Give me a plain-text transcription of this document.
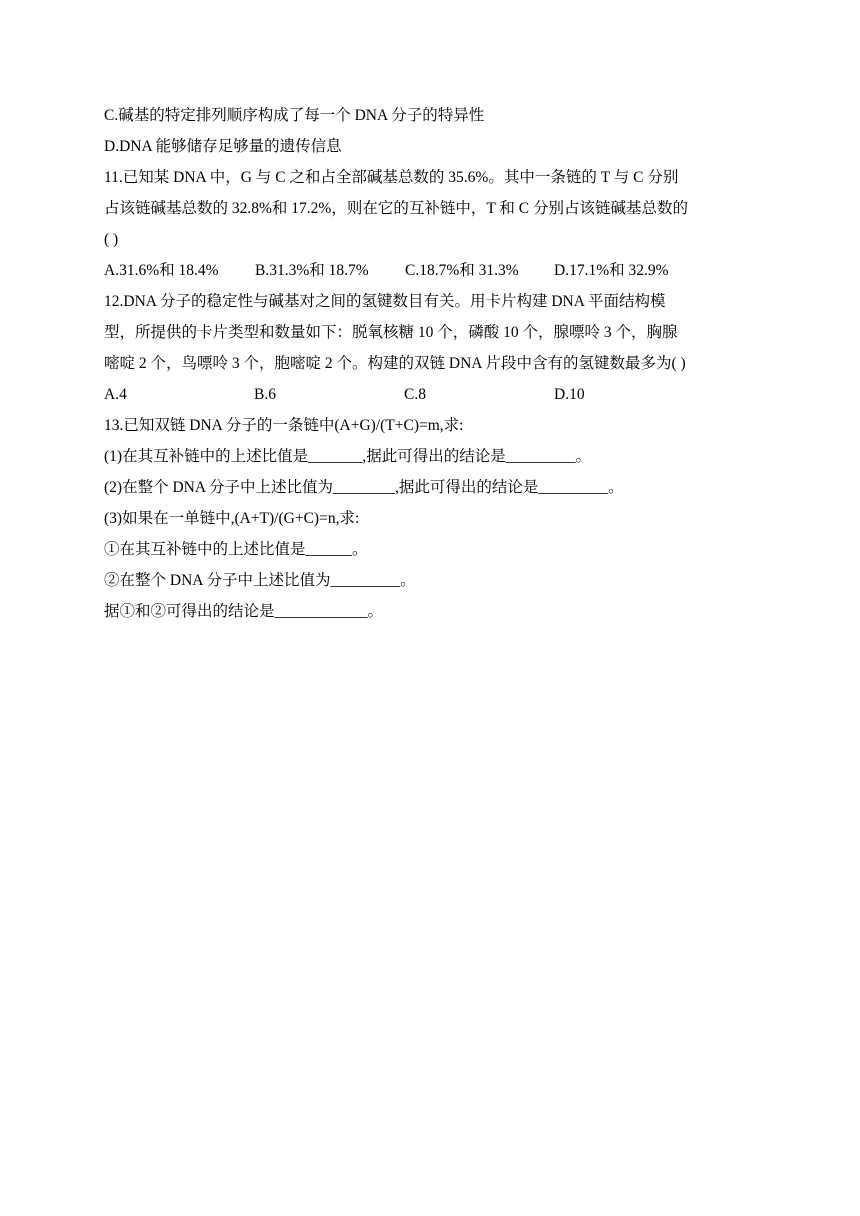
C.碱基的特定排列顺序构成了每一个 DNA 分子的特异性
D.DNA 能够储存足够量的遗传信息
11.已知某 DNA 中，G 与 C 之和占全部碱基总数的 35.6%。其中一条链的 T 与 C 分别
占该链碱基总数的 32.8%和 17.2%，则在它的互补链中，T 和 C 分别占该链碱基总数的
( )
A.31.6%和 18.4%	B.31.3%和 18.7%	C.18.7%和 31.3%	D.17.1%和 32.9%
12.DNA 分子的稳定性与碱基对之间的氢键数目有关。用卡片构建 DNA 平面结构模
型，所提供的卡片类型和数量如下：脱氧核糖 10 个，磷酸 10 个，腺嘌呤 3 个，胸腺
嘧啶 2 个，鸟嘌呤 3 个，胞嘧啶 2 个。构建的双链 DNA 片段中含有的氢键数最多为( )
A.4	B.6	C.8	D.10
13.已知双链 DNA 分子的一条链中(A+G)/(T+C)=m,求:
(1)在其互补链中的上述比值是_______,据此可得出的结论是_________。
(2)在整个 DNA 分子中上述比值为________,据此可得出的结论是_________。
(3)如果在一单链中,(A+T)/(G+C)=n,求:
①在其互补链中的上述比值是______。
②在整个 DNA 分子中上述比值为_________。
据①和②可得出的结论是____________。
